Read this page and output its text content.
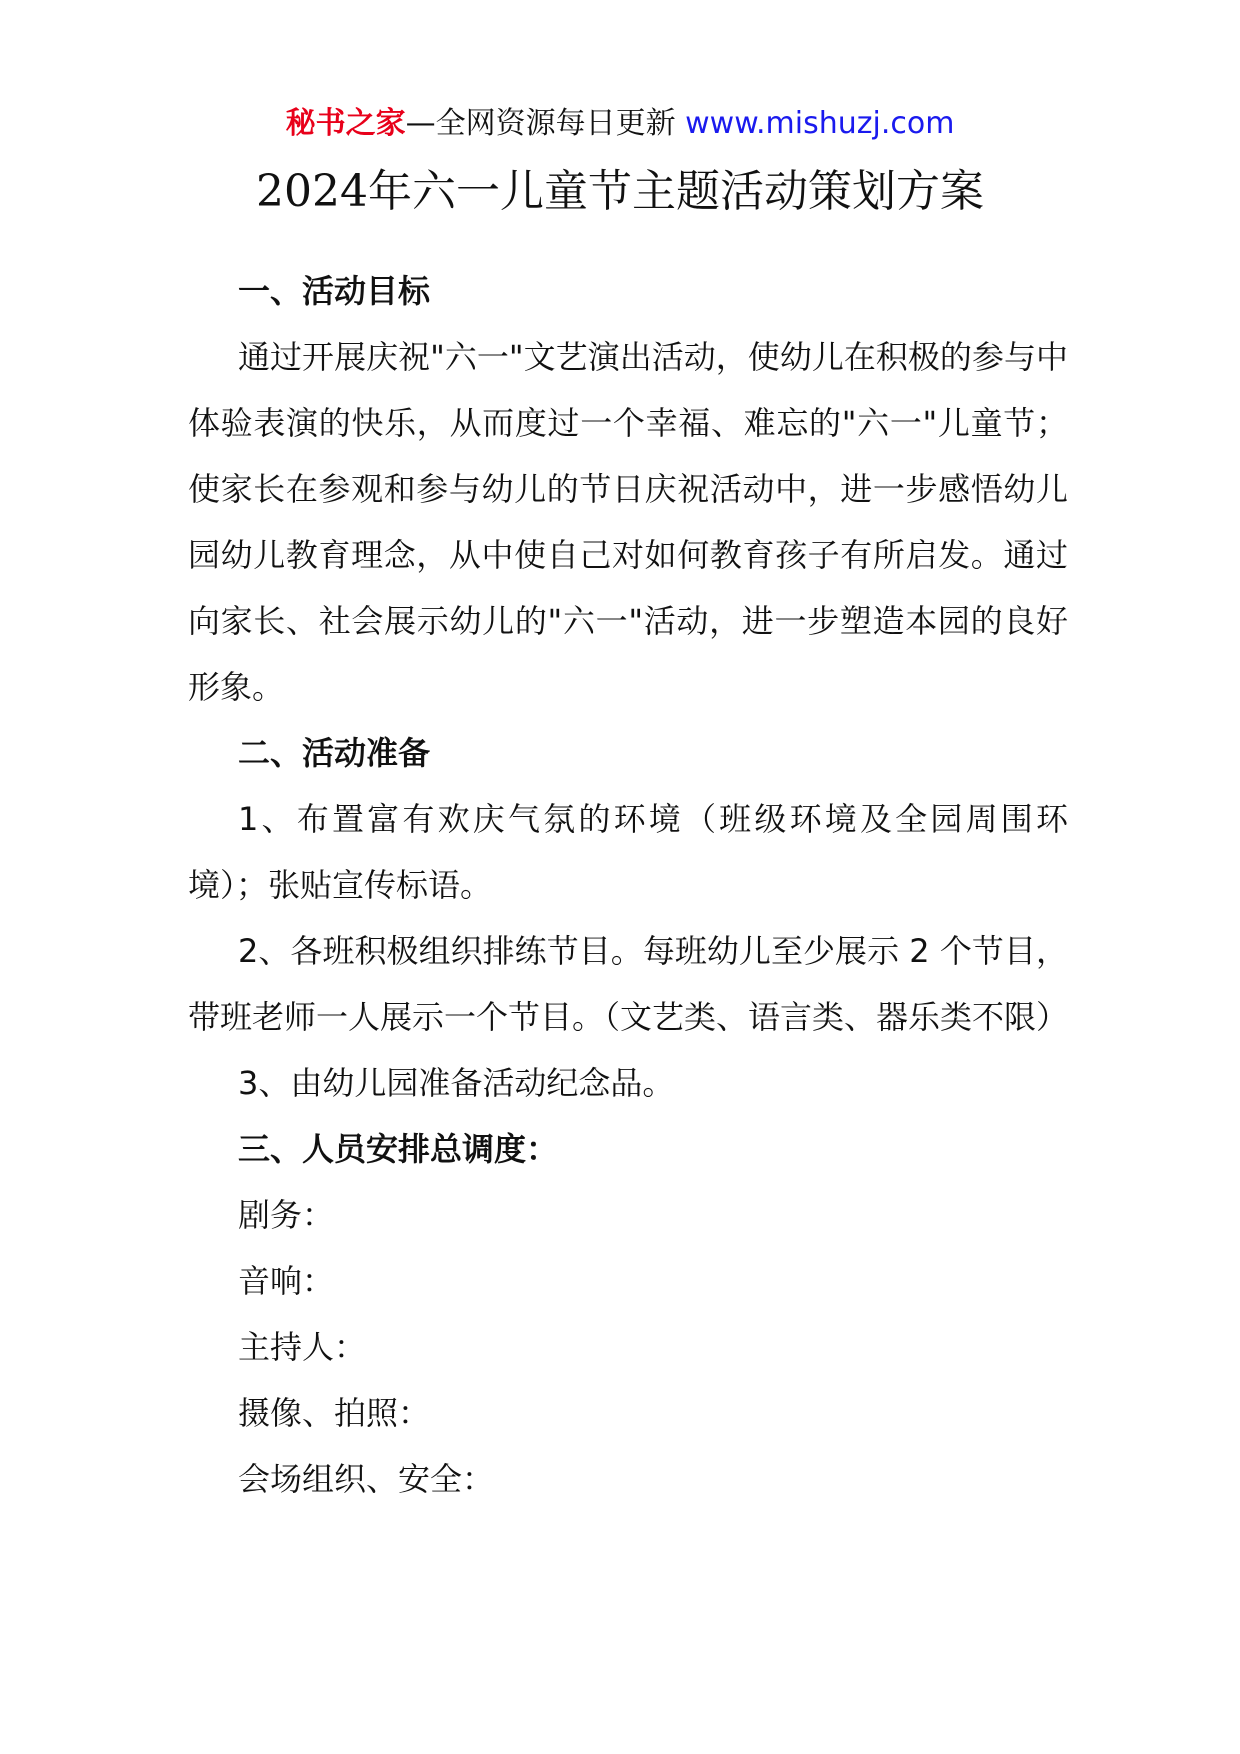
秘书之家—全网资源每日更新 www.mishuzj.com
2024年六一儿童节主题活动策划方案

一、活动目标

通过开展庆祝"六一"文艺演出活动，使幼儿在积极的参与中体验表演的快乐，从而度过一个幸福、难忘的"六一"儿童节；使家长在参观和参与幼儿的节日庆祝活动中，进一步感悟幼儿园幼儿教育理念，从中使自己对如何教育孩子有所启发。通过向家长、社会展示幼儿的"六一"活动，进一步塑造本园的良好形象。

二、活动准备

1、布置富有欢庆气氛的环境（班级环境及全园周围环境）；张贴宣传标语。

2、各班积极组织排练节目。每班幼儿至少展示 2 个节目，带班老师一人展示一个节目。（文艺类、语言类、器乐类不限）

3、由幼儿园准备活动纪念品。

三、人员安排总调度：

剧务：

音响：

主持人：

摄像、拍照：

会场组织、安全：
